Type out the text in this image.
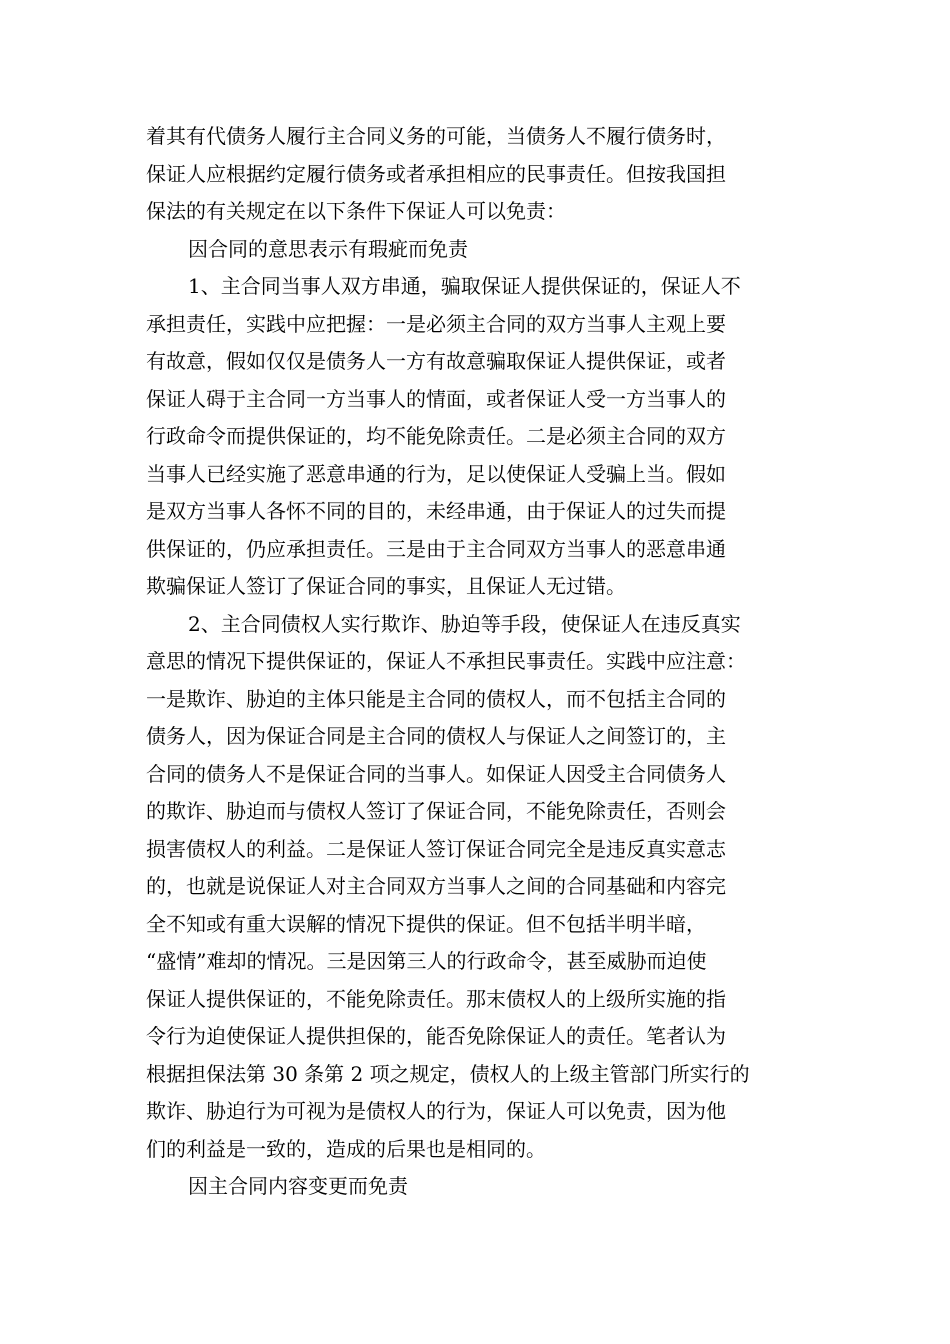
着其有代债务人履行主合同义务的可能，当债务人不履行债务时，
保证人应根据约定履行债务或者承担相应的民事责任。但按我国担
保法的有关规定在以下条件下保证人可以免责：
因合同的意思表示有瑕疵而免责
1、主合同当事人双方串通，骗取保证人提供保证的，保证人不
承担责任，实践中应把握：一是必须主合同的双方当事人主观上要
有故意，假如仅仅是债务人一方有故意骗取保证人提供保证，或者
保证人碍于主合同一方当事人的情面，或者保证人受一方当事人的
行政命令而提供保证的，均不能免除责任。二是必须主合同的双方
当事人已经实施了恶意串通的行为，足以使保证人受骗上当。假如
是双方当事人各怀不同的目的，未经串通，由于保证人的过失而提
供保证的，仍应承担责任。三是由于主合同双方当事人的恶意串通
欺骗保证人签订了保证合同的事实，且保证人无过错。
2、主合同债权人实行欺诈、胁迫等手段，使保证人在违反真实
意思的情况下提供保证的，保证人不承担民事责任。实践中应注意：
一是欺诈、胁迫的主体只能是主合同的债权人，而不包括主合同的
债务人，因为保证合同是主合同的债权人与保证人之间签订的，主
合同的债务人不是保证合同的当事人。如保证人因受主合同债务人
的欺诈、胁迫而与债权人签订了保证合同，不能免除责任，否则会
损害债权人的利益。二是保证人签订保证合同完全是违反真实意志
的，也就是说保证人对主合同双方当事人之间的合同基础和内容完
全不知或有重大误解的情况下提供的保证。但不包括半明半暗，
“盛情”难却的情况。三是因第三人的行政命令，甚至威胁而迫使
保证人提供保证的，不能免除责任。那末债权人的上级所实施的指
令行为迫使保证人提供担保的，能否免除保证人的责任。笔者认为
根据担保法第 30 条第 2 项之规定，债权人的上级主管部门所实行的
欺诈、胁迫行为可视为是债权人的行为，保证人可以免责，因为他
们的利益是一致的，造成的后果也是相同的。
因主合同内容变更而免责
